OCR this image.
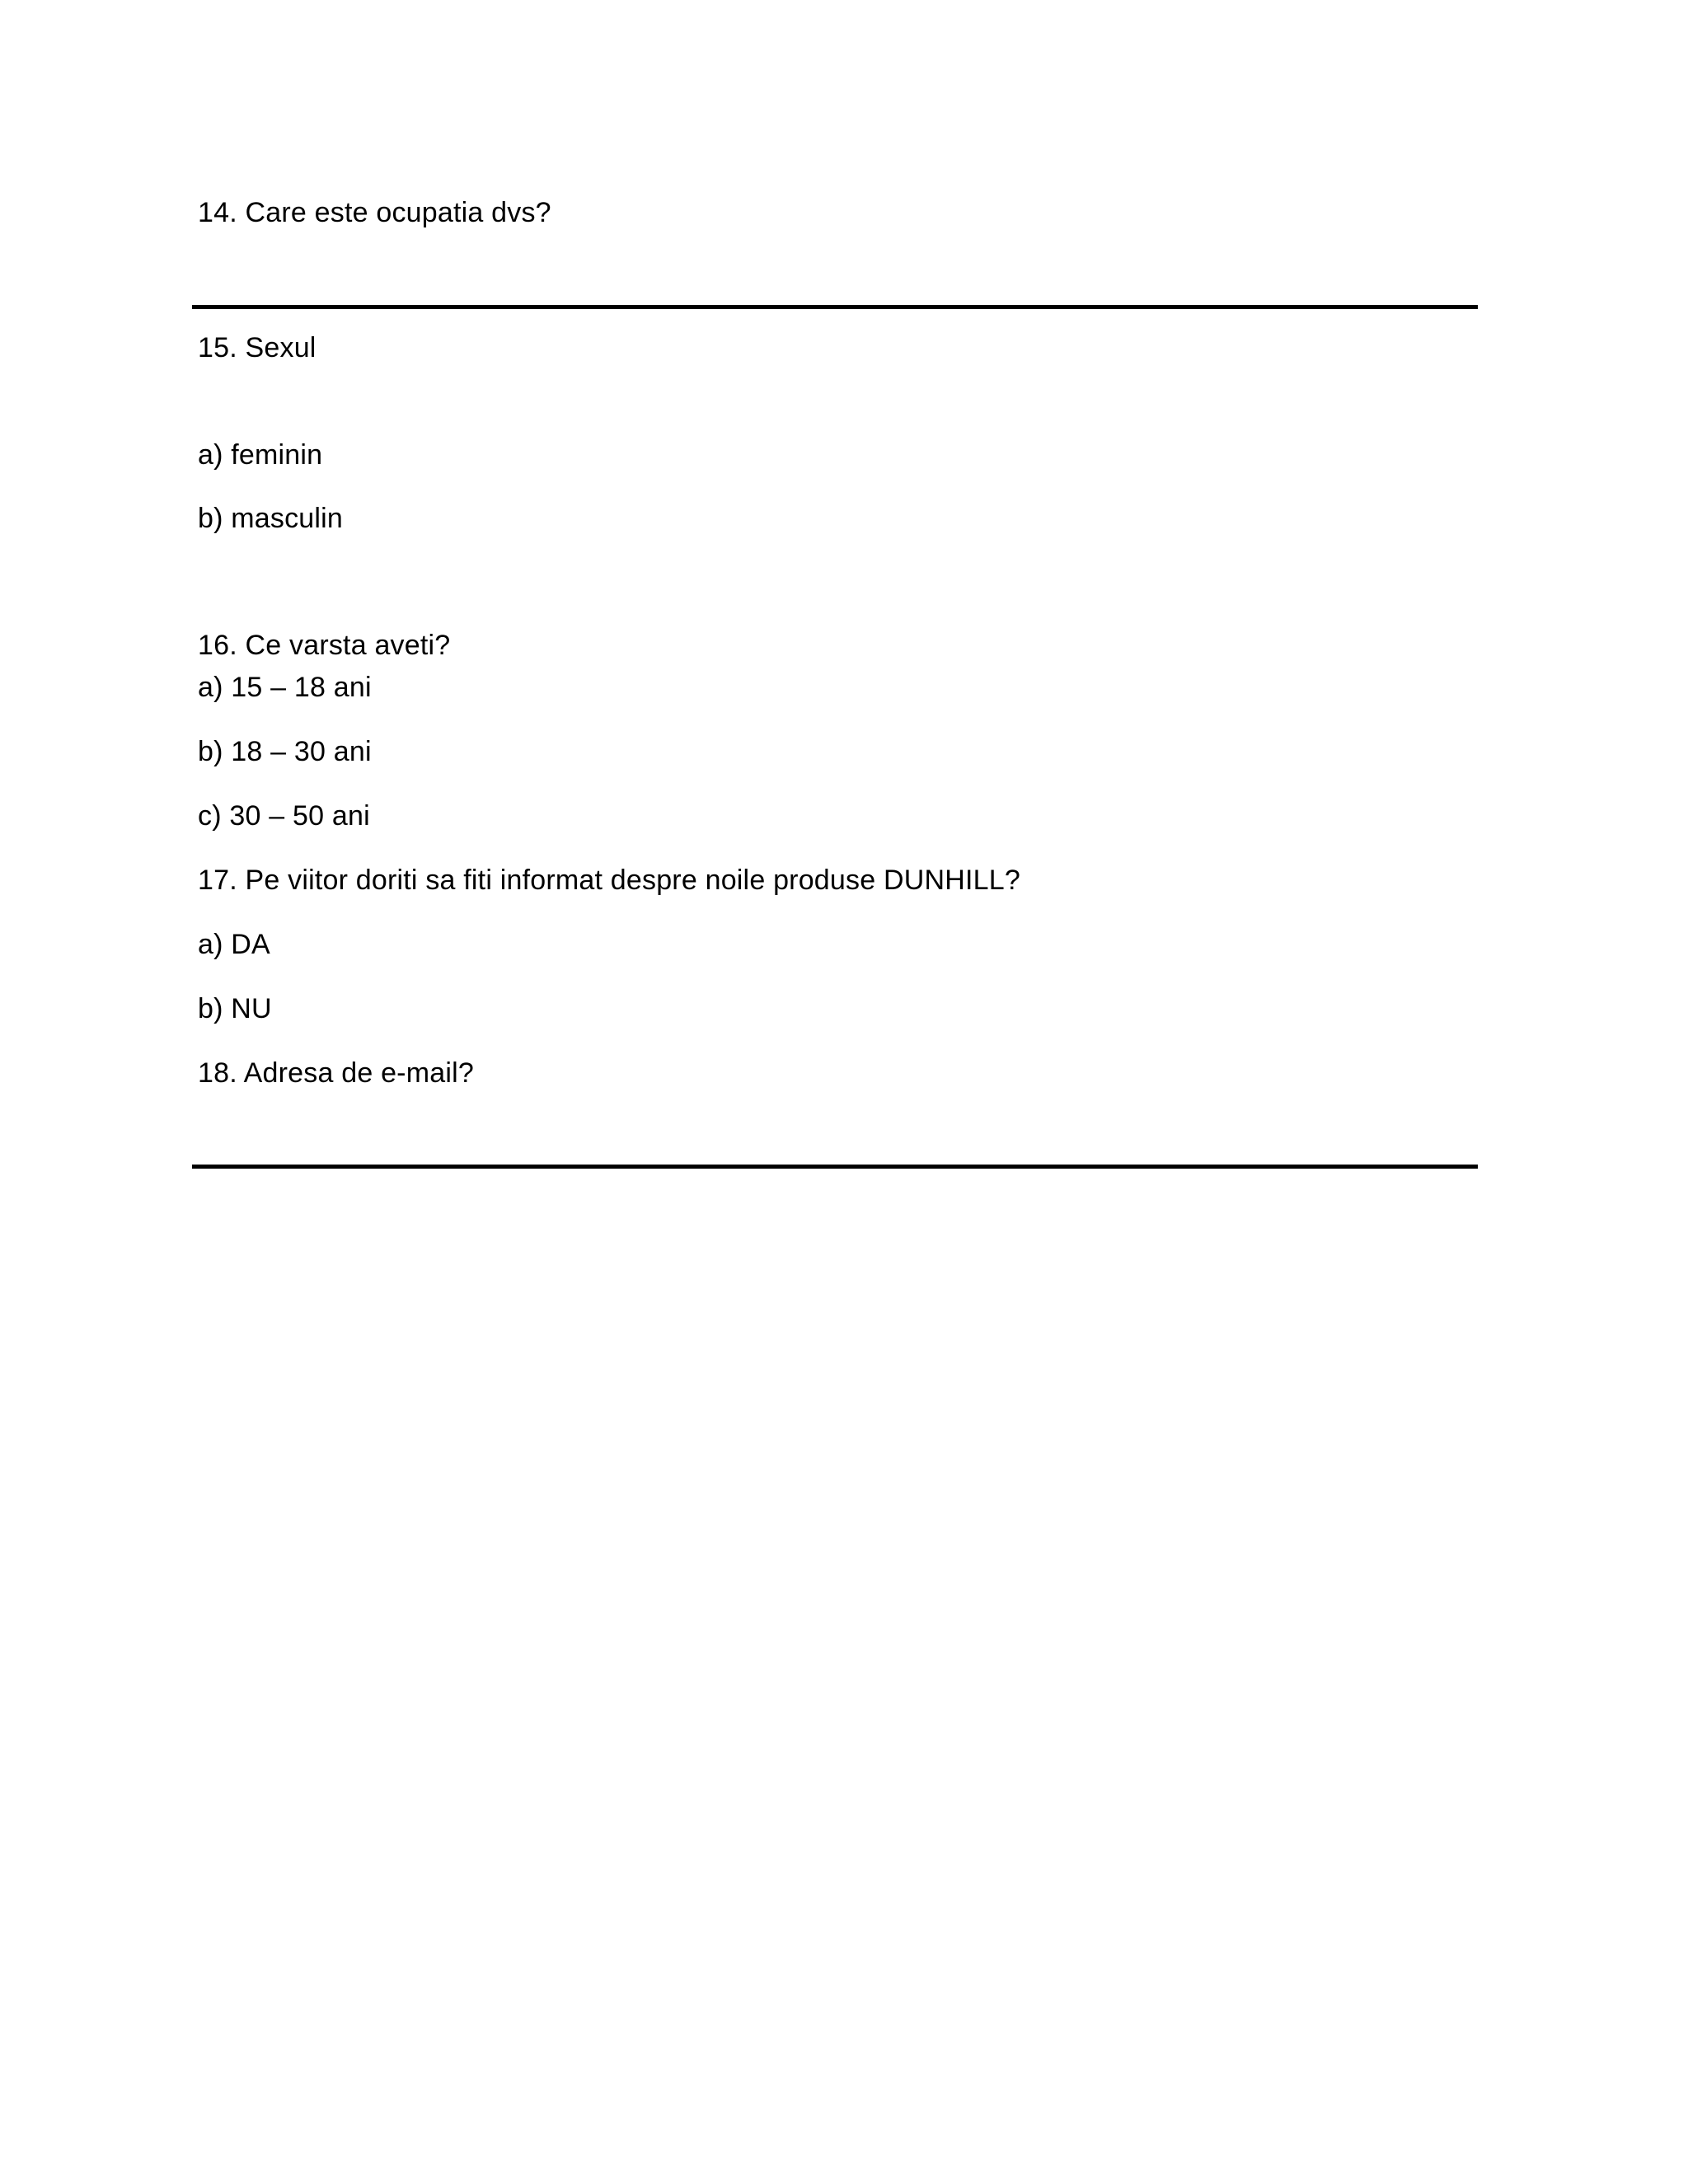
14. Care este ocupatia dvs?
15. Sexul
a) feminin
b) masculin
16. Ce varsta aveti?
a) 15 – 18 ani
b) 18 – 30 ani
c) 30 – 50 ani
17. Pe viitor doriti sa fiti informat despre noile produse DUNHILL?
a) DA
b) NU
18. Adresa de e-mail?
